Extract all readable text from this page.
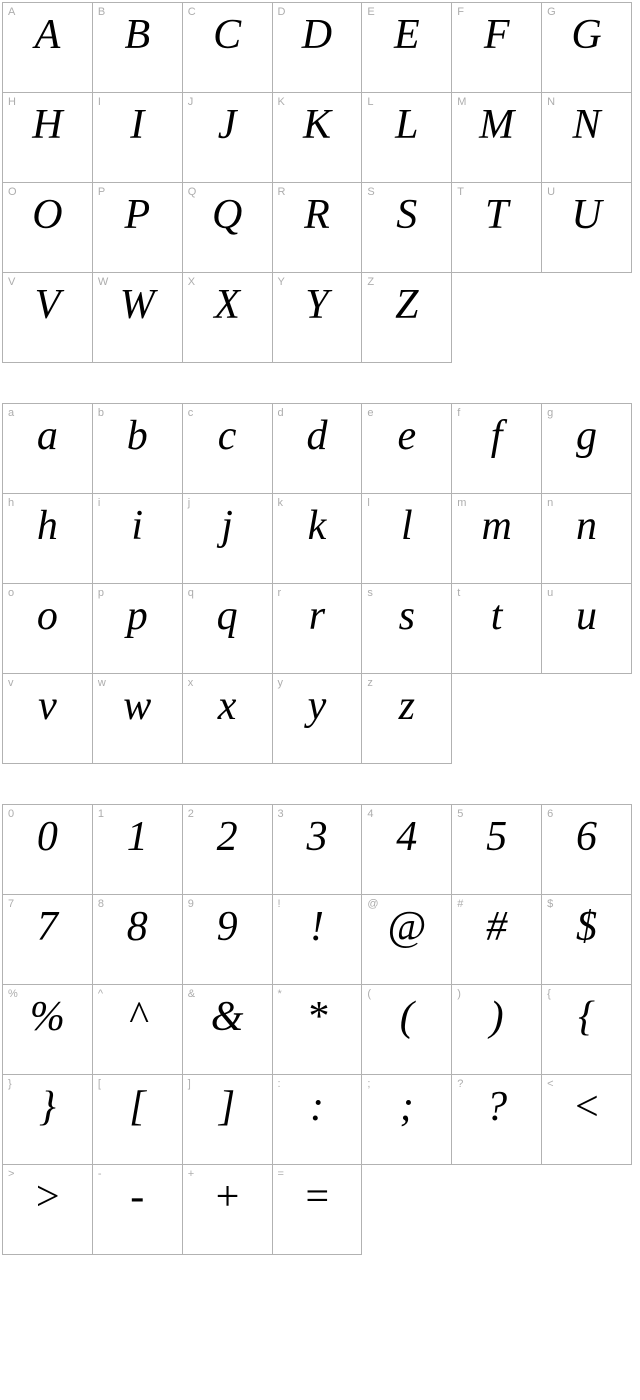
A A	B B	C C	D D	E E	F F	G G

H H	I I	J J	K K	L L	M M	N N

O O	P P	Q Q	R R	S S	T T	U U

V V	W W	X X	Y Y	Z Z		
a a	b b	c c	d d	e e	f f	g g

h h	i i	j j	k k	l l	m m	n n

o o	p p	q q	r r	s s	t t	u u

v v	w w	x x	y y	z z		
0 0	1 1	2 2	3 3	4 4	5 5	6 6

7 7	8 8	9 9	! !	@ @	# #	$ $

% %	^ ^	& &	* *	( (	) )	{ {

} }	[ [	] ]	: :	; ;	? ?	< <

> >	- -	+ +	= =			
